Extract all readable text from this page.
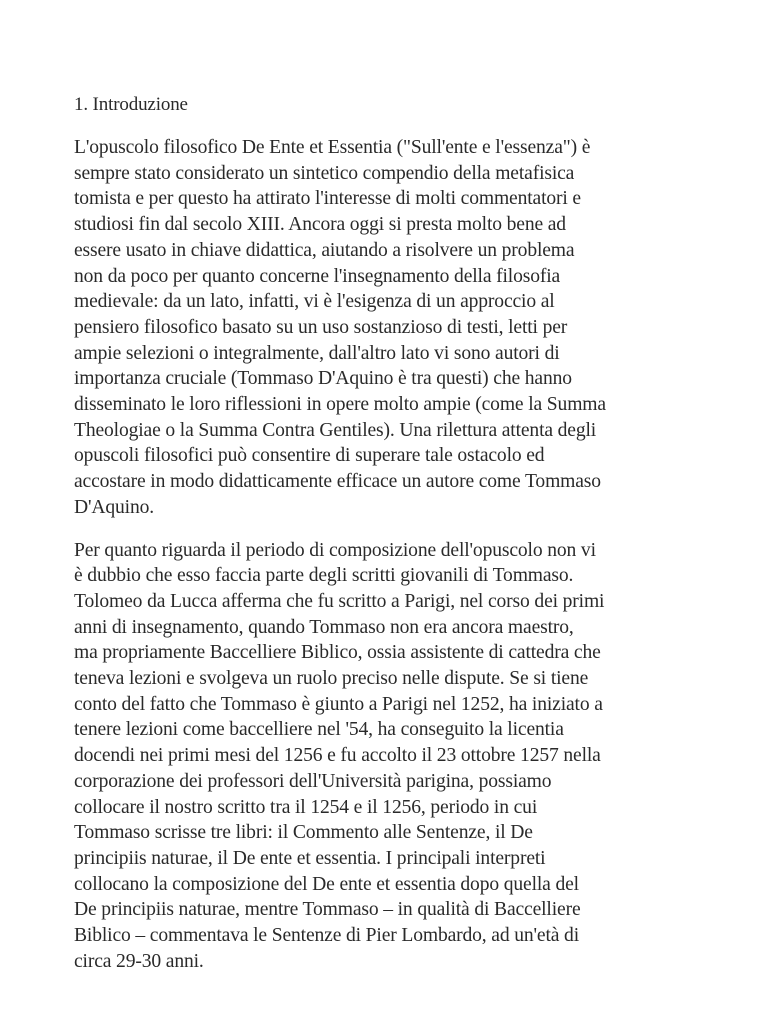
1. Introduzione
L'opuscolo filosofico De Ente et Essentia ("Sull'ente e l'essenza") è
sempre stato considerato un sintetico compendio della metafisica
tomista e per questo ha attirato l'interesse di molti commentatori e
studiosi fin dal secolo XIII. Ancora oggi si presta molto bene ad
essere usato in chiave didattica, aiutando a risolvere un problema
non da poco per quanto concerne l'insegnamento della filosofia
medievale: da un lato, infatti, vi è l'esigenza di un approccio al
pensiero filosofico basato su un uso sostanzioso di testi, letti per
ampie selezioni o integralmente, dall'altro lato vi sono autori di
importanza cruciale (Tommaso D'Aquino è tra questi) che hanno
disseminato le loro riflessioni in opere molto ampie (come la Summa
Theologiae o la Summa Contra Gentiles). Una rilettura attenta degli
opuscoli filosofici può consentire di superare tale ostacolo ed
accostare in modo didatticamente efficace un autore come Tommaso
D'Aquino.
Per quanto riguarda il periodo di composizione dell'opuscolo non vi
è dubbio che esso faccia parte degli scritti giovanili di Tommaso.
Tolomeo da Lucca afferma che fu scritto a Parigi, nel corso dei primi
anni di insegnamento, quando Tommaso non era ancora maestro,
ma propriamente Baccelliere Biblico, ossia assistente di cattedra che
teneva lezioni e svolgeva un ruolo preciso nelle dispute. Se si tiene
conto del fatto che Tommaso è giunto a Parigi nel 1252, ha iniziato a
tenere lezioni come baccelliere nel '54, ha conseguito la licentia
docendi nei primi mesi del 1256 e fu accolto il 23 ottobre 1257 nella
corporazione dei professori dell'Università parigina, possiamo
collocare il nostro scritto tra il 1254 e il 1256, periodo in cui
Tommaso scrisse tre libri: il Commento alle Sentenze, il De
principiis naturae, il De ente et essentia. I principali interpreti
collocano la composizione del De ente et essentia dopo quella del
De principiis naturae, mentre Tommaso – in qualità di Baccelliere
Biblico – commentava le Sentenze di Pier Lombardo, ad un'età di
circa 29-30 anni.
